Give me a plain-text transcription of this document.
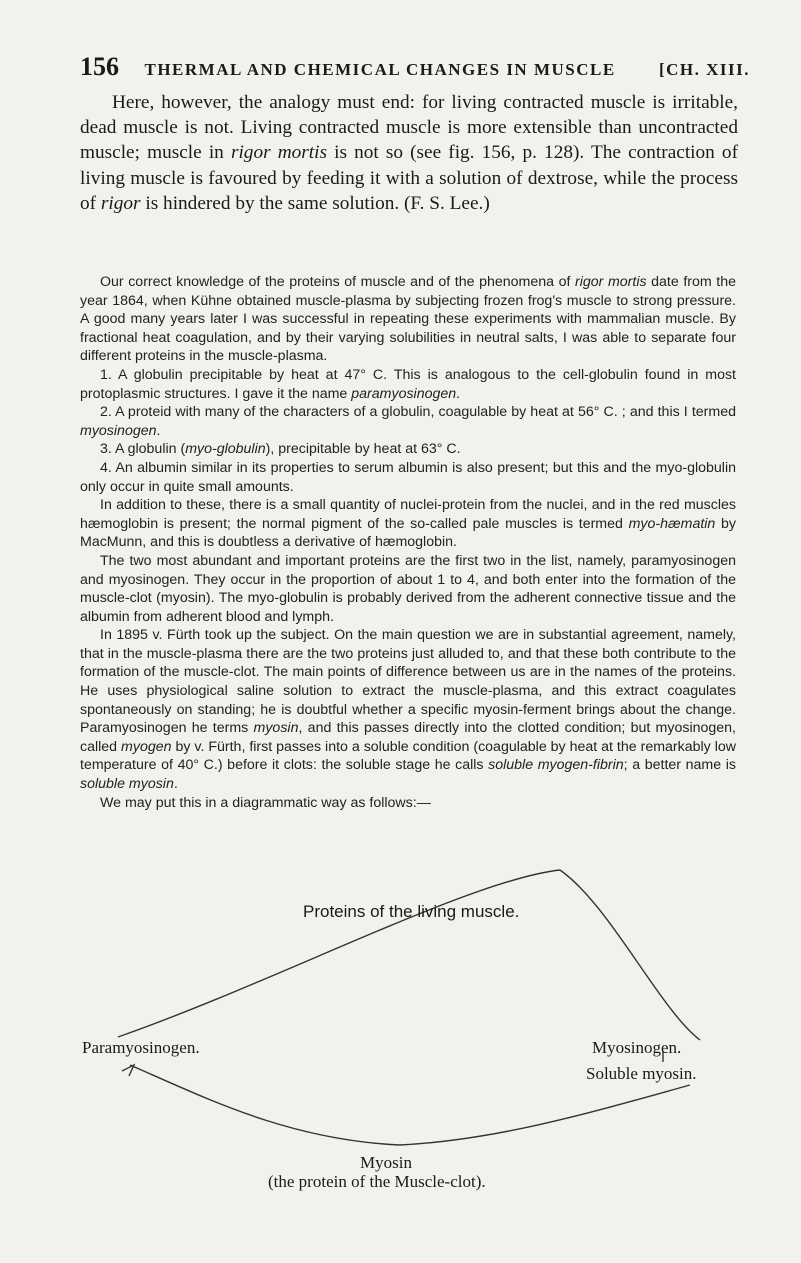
156 THERMAL AND CHEMICAL CHANGES IN MUSCLE	[CH. XIII.

Here, however, the analogy must end: for living contracted muscle is irritable, dead muscle is not. Living contracted muscle is more extensible than uncontracted muscle; muscle in rigor mortis is not so (see fig. 156, p. 128). The contraction of living muscle is favoured by feeding it with a solution of dextrose, while the process of rigor is hindered by the same solution. (F. S. Lee.)

Our correct knowledge of the proteins of muscle and of the phenomena of rigor mortis date from the year 1864, when Kühne obtained muscle-plasma by subjecting frozen frog's muscle to strong pressure. A good many years later I was successful in repeating these experiments with mammalian muscle. By fractional heat coagulation, and by their varying solubilities in neutral salts, I was able to separate four different proteins in the muscle-plasma.

1. A globulin precipitable by heat at 47° C. This is analogous to the cell-globulin found in most protoplasmic structures. I gave it the name paramyosinogen.

2. A proteid with many of the characters of a globulin, coagulable by heat at 56° C. ; and this I termed myosinogen.

3. A globulin (myo-globulin), precipitable by heat at 63° C.

4. An albumin similar in its properties to serum albumin is also present; but this and the myo-globulin only occur in quite small amounts.

In addition to these, there is a small quantity of nuclei-protein from the nuclei, and in the red muscles hæmoglobin is present; the normal pigment of the so-called pale muscles is termed myo-hæmatin by MacMunn, and this is doubtless a derivative of hæmoglobin.

The two most abundant and important proteins are the first two in the list, namely, paramyosinogen and myosinogen. They occur in the proportion of about 1 to 4, and both enter into the formation of the muscle-clot (myosin). The myo-globulin is probably derived from the adherent connective tissue and the albumin from adherent blood and lymph.

In 1895 v. Fürth took up the subject. On the main question we are in substantial agreement, namely, that in the muscle-plasma there are the two proteins just alluded to, and that these both contribute to the formation of the muscle-clot. The main points of difference between us are in the names of the proteins. He uses physiological saline solution to extract the muscle-plasma, and this extract coagulates spontaneously on standing; he is doubtful whether a specific myosin-ferment brings about the change. Paramyosinogen he terms myosin, and this passes directly into the clotted condition; but myosinogen, called myogen by v. Fürth, first passes into a soluble condition (coagulable by heat at the remarkably low temperature of 40° C.) before it clots: the soluble stage he calls soluble myogen-fibrin; a better name is soluble myosin.

We may put this in a diagrammatic way as follows:—

Proteins of the living muscle.
Paramyosinogen.	Myosinogen.
Soluble myosin.
Myosin
(the protein of the Muscle-clot).
